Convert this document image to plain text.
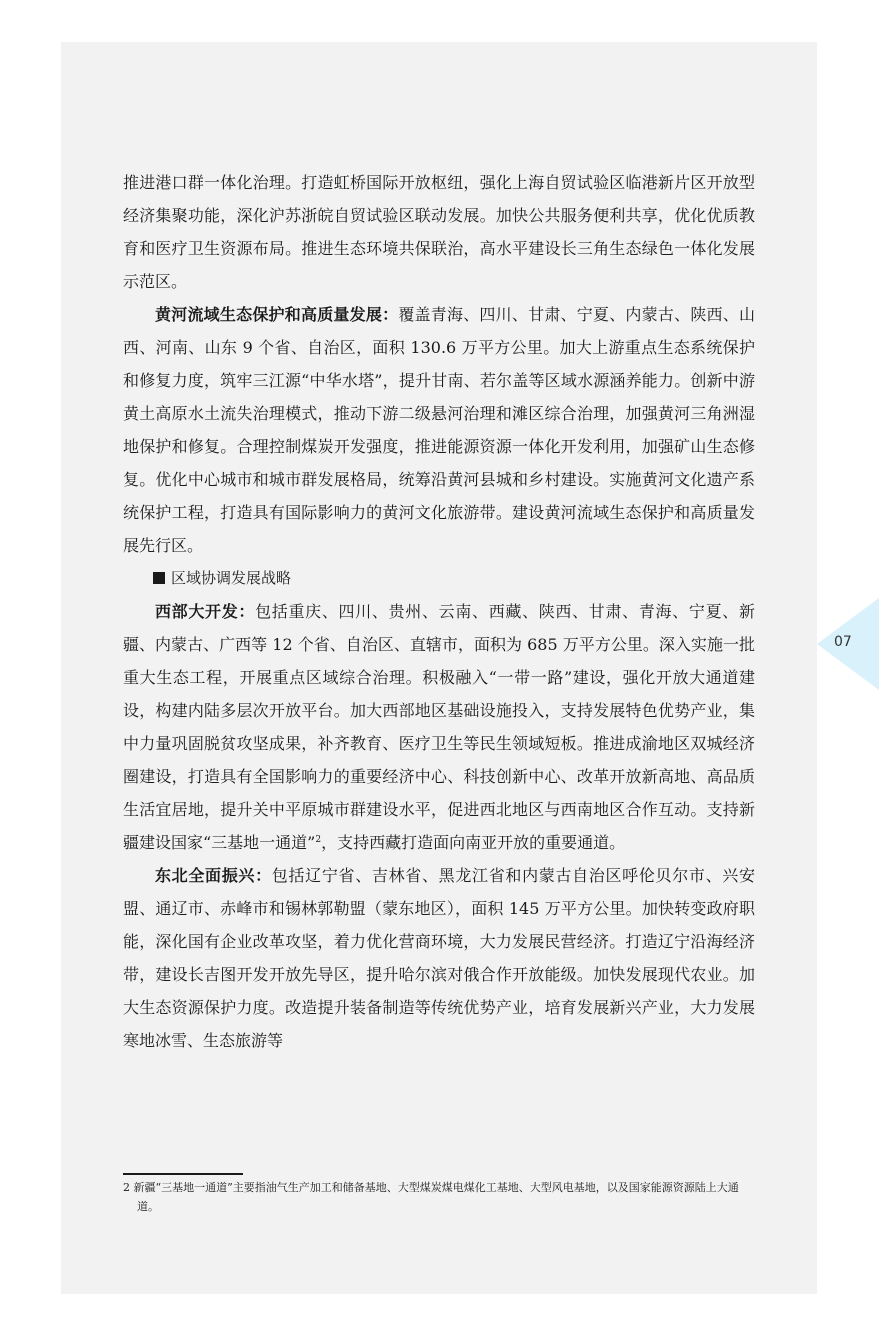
推进港口群一体化治理。打造虹桥国际开放枢纽，强化上海自贸试验区临港新片区开放型经济集聚功能，深化沪苏浙皖自贸试验区联动发展。加快公共服务便利共享，优化优质教育和医疗卫生资源布局。推进生态环境共保联治，高水平建设长三角生态绿色一体化发展示范区。

黄河流域生态保护和高质量发展：覆盖青海、四川、甘肃、宁夏、内蒙古、陕西、山西、河南、山东 9 个省、自治区，面积 130.6 万平方公里。加大上游重点生态系统保护和修复力度，筑牢三江源“中华水塔”，提升甘南、若尔盖等区域水源涵养能力。创新中游黄土高原水土流失治理模式，推动下游二级悬河治理和滩区综合治理，加强黄河三角洲湿地保护和修复。合理控制煤炭开发强度，推进能源资源一体化开发利用，加强矿山生态修复。优化中心城市和城市群发展格局，统筹沿黄河县城和乡村建设。实施黄河文化遗产系统保护工程，打造具有国际影响力的黄河文化旅游带。建设黄河流域生态保护和高质量发展先行区。

区域协调发展战略

西部大开发：包括重庆、四川、贵州、云南、西藏、陕西、甘肃、青海、宁夏、新疆、内蒙古、广西等 12 个省、自治区、直辖市，面积为 685 万平方公里。深入实施一批重大生态工程，开展重点区域综合治理。积极融入“一带一路”建设，强化开放大通道建设，构建内陆多层次开放平台。加大西部地区基础设施投入，支持发展特色优势产业，集中力量巩固脱贫攻坚成果，补齐教育、医疗卫生等民生领域短板。推进成渝地区双城经济圈建设，打造具有全国影响力的重要经济中心、科技创新中心、改革开放新高地、高品质生活宜居地，提升关中平原城市群建设水平，促进西北地区与西南地区合作互动。支持新疆建设国家“三基地一通道”$^2$，支持西藏打造面向南亚开放的重要通道。

东北全面振兴：包括辽宁省、吉林省、黑龙江省和内蒙古自治区呼伦贝尔市、兴安盟、通辽市、赤峰市和锡林郭勒盟（蒙东地区），面积 145 万平方公里。加快转变政府职能，深化国有企业改革攻坚，着力优化营商环境，大力发展民营经济。打造辽宁沿海经济带，建设长吉图开发开放先导区，提升哈尔滨对俄合作开放能级。加快发展现代农业。加大生态资源保护力度。改造提升装备制造等传统优势产业，培育发展新兴产业，大力发展寒地冰雪、生态旅游等

2 新疆“三基地一通道”主要指油气生产加工和储备基地、大型煤炭煤电煤化工基地、大型风电基地，以及国家能源资源陆上大通道。
07
